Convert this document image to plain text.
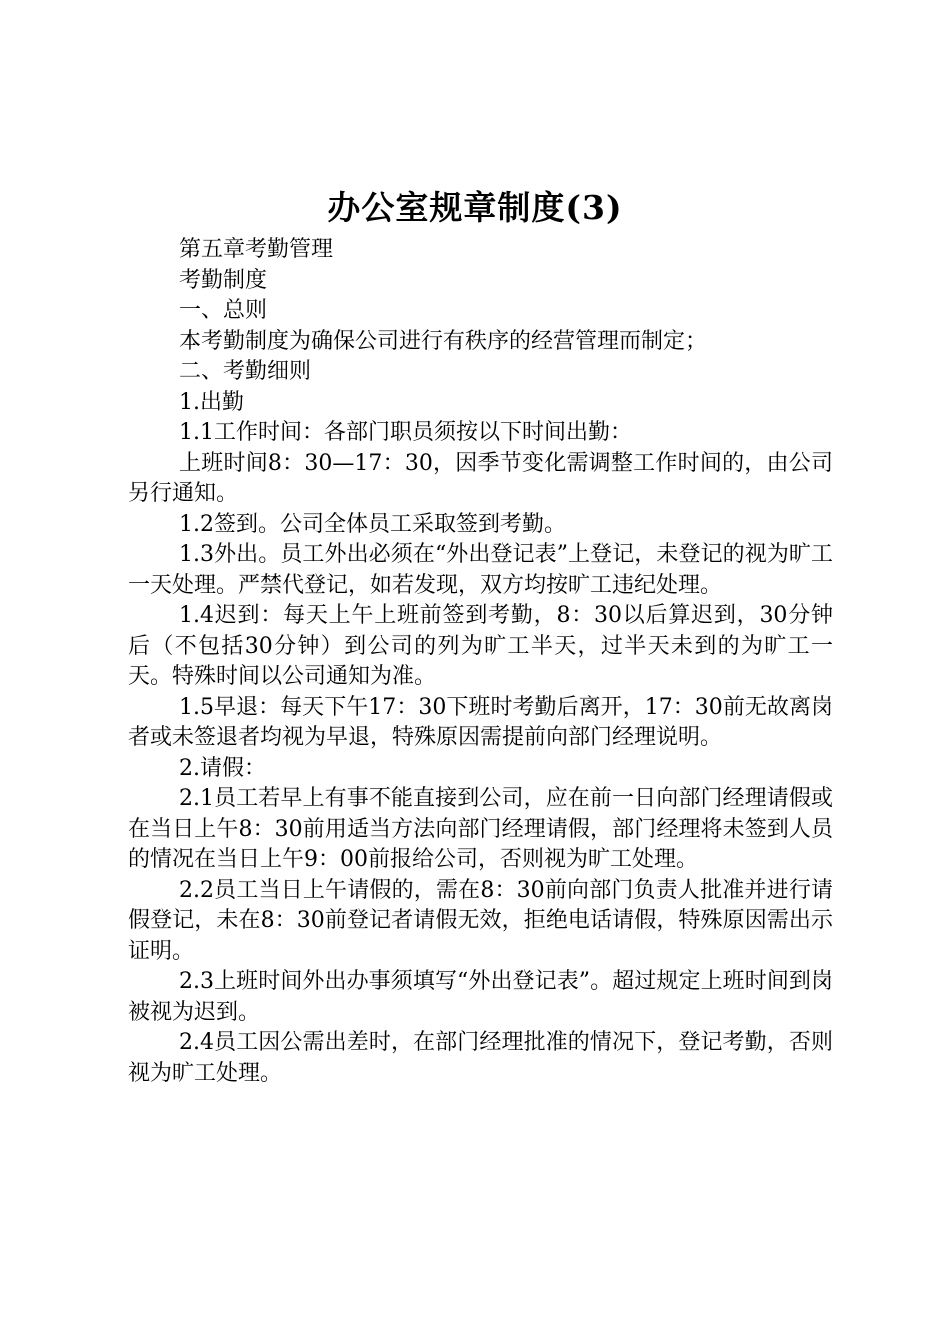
办公室规章制度(3)

第五章考勤管理

考勤制度

一、总则

本考勤制度为确保公司进行有秩序的经营管理而制定；

二、考勤细则

1.出勤

1.1工作时间：各部门职员须按以下时间出勤：

上班时间8：30—17：30，因季节变化需调整工作时间的，由公司另行通知。

1.2签到。公司全体员工采取签到考勤。

1.3外出。员工外出必须在“外出登记表”上登记，未登记的视为旷工一天处理。严禁代登记，如若发现，双方均按旷工违纪处理。

1.4迟到：每天上午上班前签到考勤，8：30以后算迟到，30分钟后（不包括30分钟）到公司的列为旷工半天，过半天未到的为旷工一天。特殊时间以公司通知为准。

1.5早退：每天下午17：30下班时考勤后离开，17：30前无故离岗者或未签退者均视为早退，特殊原因需提前向部门经理说明。

2.请假：

2.1员工若早上有事不能直接到公司，应在前一日向部门经理请假或在当日上午8：30前用适当方法向部门经理请假，部门经理将未签到人员的情况在当日上午9：00前报给公司，否则视为旷工处理。

2.2员工当日上午请假的，需在8：30前向部门负责人批准并进行请假登记，未在8：30前登记者请假无效，拒绝电话请假，特殊原因需出示证明。

2.3上班时间外出办事须填写“外出登记表”。超过规定上班时间到岗被视为迟到。

2.4员工因公需出差时，在部门经理批准的情况下，登记考勤，否则视为旷工处理。
